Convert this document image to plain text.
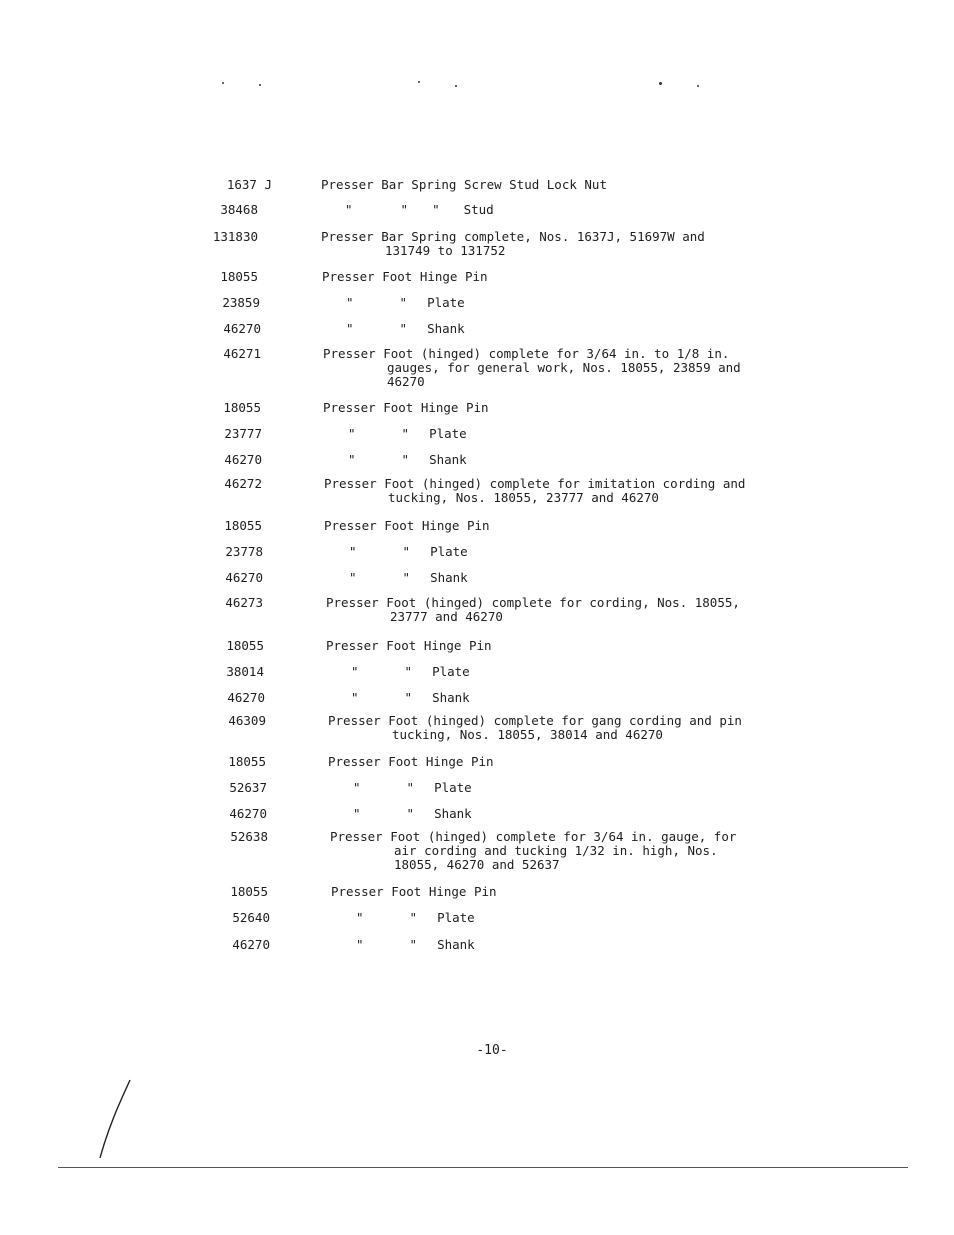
1637 J	Presser Bar Spring Screw Stud Lock Nut
38468	"	" " Stud
131830	Presser Bar Spring complete, Nos. 1637J, 51697W and
131749 to 131752
18055	Presser Foot Hinge Pin
23859	"	" Plate
46270	"	" Shank
46271	Presser Foot (hinged) complete for 3/64 in. to 1/8 in.
gauges, for general work, Nos. 18055, 23859 and
46270
18055	Presser Foot Hinge Pin
23777	"	" Plate
46270	"	" Shank
46272	Presser Foot (hinged) complete for imitation cording and
tucking, Nos. 18055, 23777 and 46270
18055	Presser Foot Hinge Pin
23778	"	" Plate
46270	"	" Shank
46273	Presser Foot (hinged) complete for cording, Nos. 18055,
23777 and 46270
18055	Presser Foot Hinge Pin
38014	"	" Plate
46270	"	" Shank
46309	Presser Foot (hinged) complete for gang cording and pin
tucking, Nos. 18055, 38014 and 46270
18055	Presser Foot Hinge Pin
52637	"	" Plate
46270	"	" Shank
52638	Presser Foot (hinged) complete for 3/64 in. gauge, for
air cording and tucking 1/32 in. high, Nos.
18055, 46270 and 52637
18055	Presser Foot Hinge Pin
52640	"	" Plate
46270	"	" Shank
-10-
